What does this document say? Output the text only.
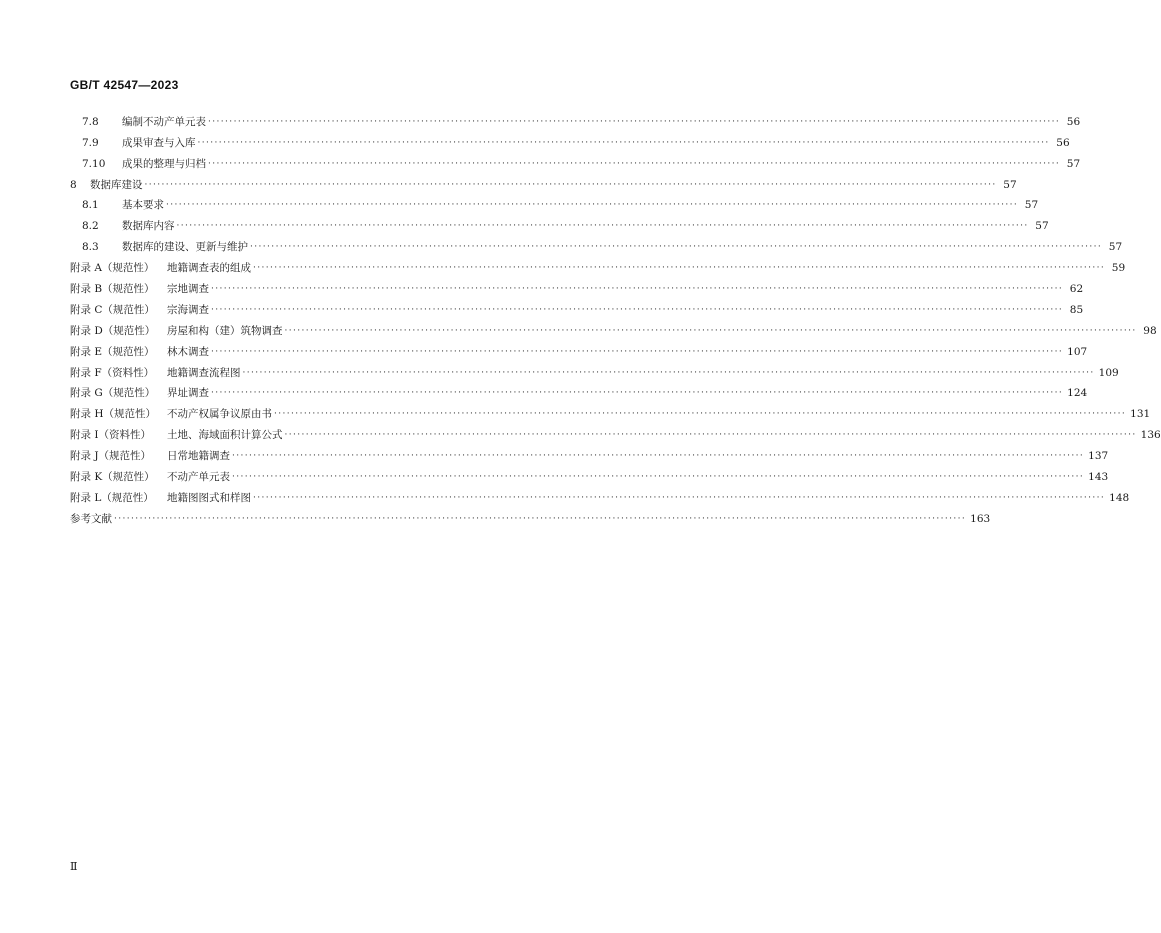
GB/T 42547—2023
7.8	编制不动产单元表 ········································································································································································································ 56
7.9	成果审查与入库 ········································································································································································································ 56
7.10	成果的整理与归档 ········································································································································································································ 57
8	数据库建设 ········································································································································································································ 57
8.1	基本要求 ········································································································································································································ 57
8.2	数据库内容 ········································································································································································································ 57
8.3	数据库的建设、更新与维护 ········································································································································································································ 57
附录 A（规范性）	地籍调查表的组成 ········································································································································································································ 59
附录 B（规范性）	宗地调查 ········································································································································································································ 62
附录 C（规范性）	宗海调查 ········································································································································································································ 85
附录 D（规范性）	房屋和构（建）筑物调查 ········································································································································································································ 98
附录 E（规范性）	林木调查 ········································································································································································································ 107
附录 F（资料性）	地籍调查流程图 ········································································································································································································ 109
附录 G（规范性）	界址调查 ········································································································································································································ 124
附录 H（规范性）	不动产权属争议原由书 ········································································································································································································ 131
附录 I（资料性）	土地、海域面积计算公式 ········································································································································································································ 136
附录 J（规范性）	日常地籍调查 ········································································································································································································ 137
附录 K（规范性）	不动产单元表 ········································································································································································································ 143
附录 L（规范性）	地籍图图式和样图 ········································································································································································································ 148
参考文献 ········································································································································································································ 163
Ⅱ
